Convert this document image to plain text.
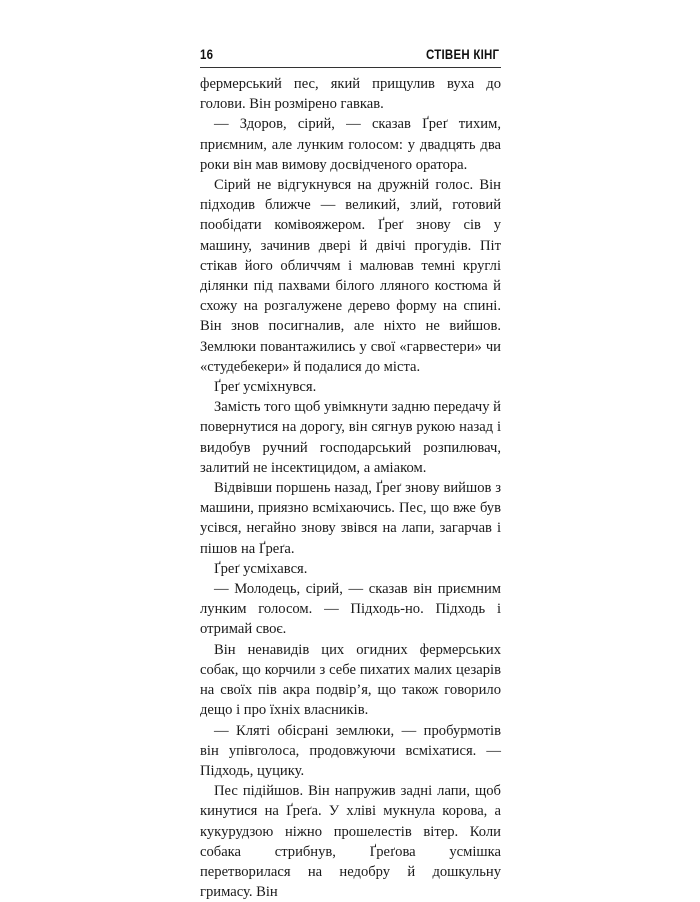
16	СТІВЕН КІНГ

фермерський пес, який прищулив вуха до голови. Він розмірено гавкав.

— Здоров, сірий, — сказав Ґреґ тихим, приємним, але лунким голосом: у двадцять два роки він мав вимову досвідченого оратора.

Сірий не відгукнувся на дружній голос. Він підходив ближче — великий, злий, готовий пообідати комівояжером. Ґреґ знову сів у машину, зачинив двері й двічі прогудів. Піт стікав його обличчям і малював темні круглі ділянки під пахвами білого лляного костюма й схожу на розгалужене дерево форму на спині. Він знов посигналив, але ніхто не вийшов. Землюки повантажились у свої «гарвестери» чи «студебекери» й подалися до міста.

Ґреґ усміхнувся.

Замість того щоб увімкнути задню передачу й повернутися на дорогу, він сягнув рукою назад і видобув ручний господарський розпилювач, залитий не інсектицидом, а аміаком.

Відвівши поршень назад, Ґреґ знову вийшов з машини, приязно всміхаючись. Пес, що вже був усівся, негайно знову звівся на лапи, загарчав і пішов на Ґреґа.

Ґреґ усміхався.

— Молодець, сірий, — сказав він приємним лунким голосом. — Підходь-но. Підходь і отримай своє.

Він ненавидів цих огидних фермерських собак, що корчили з себе пихатих малих цезарів на своїх пів акра подвір’я, що також говорило дещо і про їхніх власників.

— Кляті обісрані землюки, — пробурмотів він упівголоса, продовжуючи всміхатися. — Підходь, цуцику.

Пес підійшов. Він напружив задні лапи, щоб кинутися на Ґреґа. У хліві мукнула корова, а кукурудзою ніжно прошелестів вітер. Коли собака стрибнув, Ґреґова усмішка перетворилася на недобру й дошкульну гримасу. Він
